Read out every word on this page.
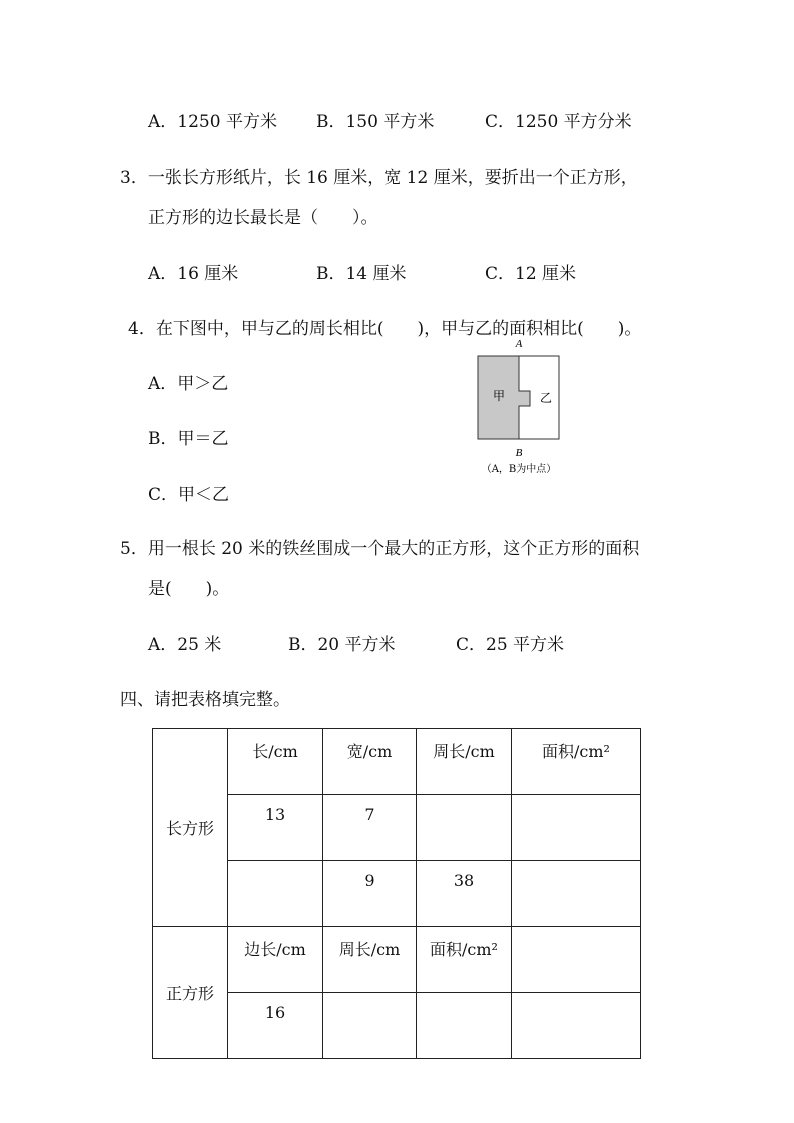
A．1250 平方米 B．150 平方米	C．1250 平方分米
3．一张长方形纸片，长 16 厘米，宽 12 厘米，要折出一个正方形，
正方形的边长最长是（　　）。
A．16 厘米	B．14 厘米	C．12 厘米
4．在下图中，甲与乙的周长相比(　　)，甲与乙的面积相比(　　)。
A．甲＞乙
B．甲＝乙
C．甲＜乙
A
甲	乙
B
（A，B为中点）
5．用一根长 20 米的铁丝围成一个最大的正方形，这个正方形的面积
是(　　)。
A．25 米	B．20 平方米	C．25 平方米
四、请把表格填完整。
长方形	长/cm	宽/cm	周长/cm	面积/cm²
	13	7		
		9	38	
正方形	边长/cm	周长/cm	面积/cm²	
	16			
